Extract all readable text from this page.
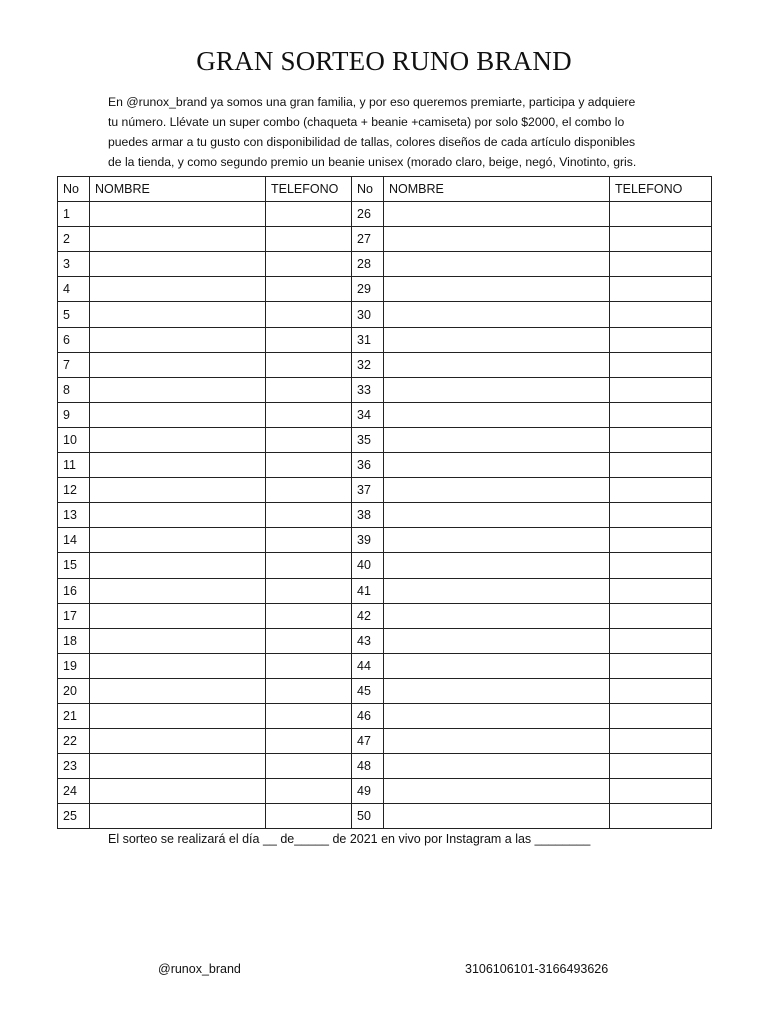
GRAN SORTEO RUNO BRAND
En @runox_brand ya somos una gran familia, y por eso queremos premiarte, participa y adquiere
tu número. Llévate un super combo (chaqueta + beanie +camiseta) por solo $2000, el combo lo
puedes armar a tu gusto con disponibilidad de tallas, colores diseños de cada artículo disponibles
de la tienda, y como segundo premio un beanie unisex (morado claro, beige, negó, Vinotinto, gris.
No	NOMBRE	TELEFONO	No	NOMBRE	TELEFONO
1			26		
2			27		
3			28		
4			29		
5			30		
6			31		
7			32		
8			33		
9			34		
10			35		
11			36		
12			37		
13			38		
14			39		
15			40		
16			41		
17			42		
18			43		
19			44		
20			45		
21			46		
22			47		
23			48		
24			49		
25			50		
El sorteo se realizará el día __ de_____ de 2021 en vivo por Instagram a las ________
@runox_brand	3106106101-3166493626
